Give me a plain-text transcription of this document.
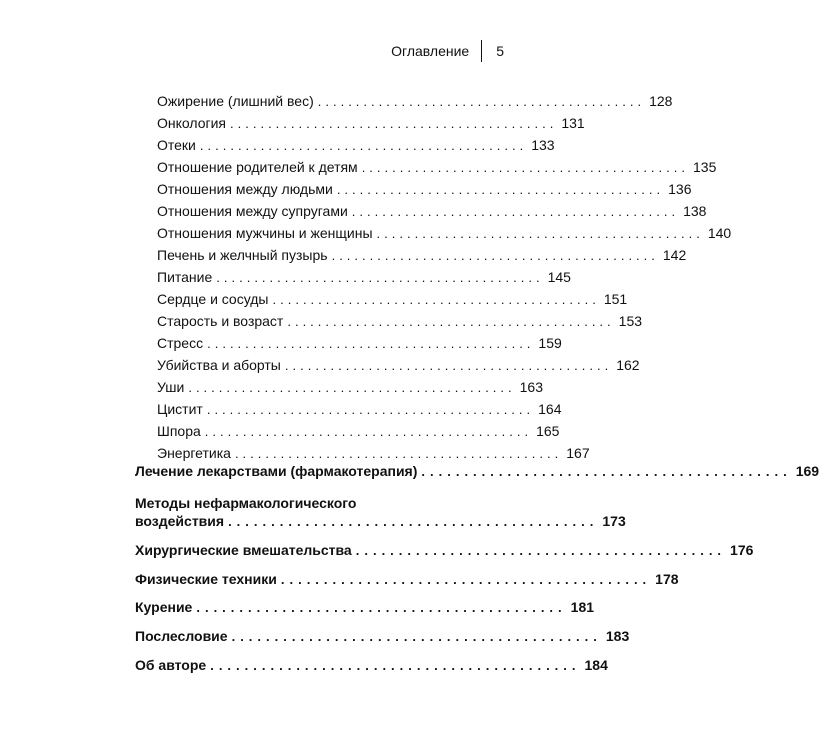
Оглавление 5
Ожирение (лишний вес) ........................................... 128
Онкология ........................................... 131
Отеки ........................................... 133
Отношение родителей к детям ........................................... 135
Отношения между людьми ........................................... 136
Отношения между супругами ........................................... 138
Отношения мужчины и женщины ........................................... 140
Печень и желчный пузырь ........................................... 142
Питание ........................................... 145
Сердце и сосуды ........................................... 151
Старость и возраст ........................................... 153
Стресс ........................................... 159
Убийства и аборты ........................................... 162
Уши ........................................... 163
Цистит ........................................... 164
Шпора ........................................... 165
Энергетика ........................................... 167
Лечение лекарствами (фармакотерапия) ........................................... 169
Методы нефармакологического
воздействия ........................................... 173
Хирургические вмешательства ........................................... 176
Физические техники ........................................... 178
Курение ........................................... 181
Послесловие ........................................... 183
Об авторе ........................................... 184
